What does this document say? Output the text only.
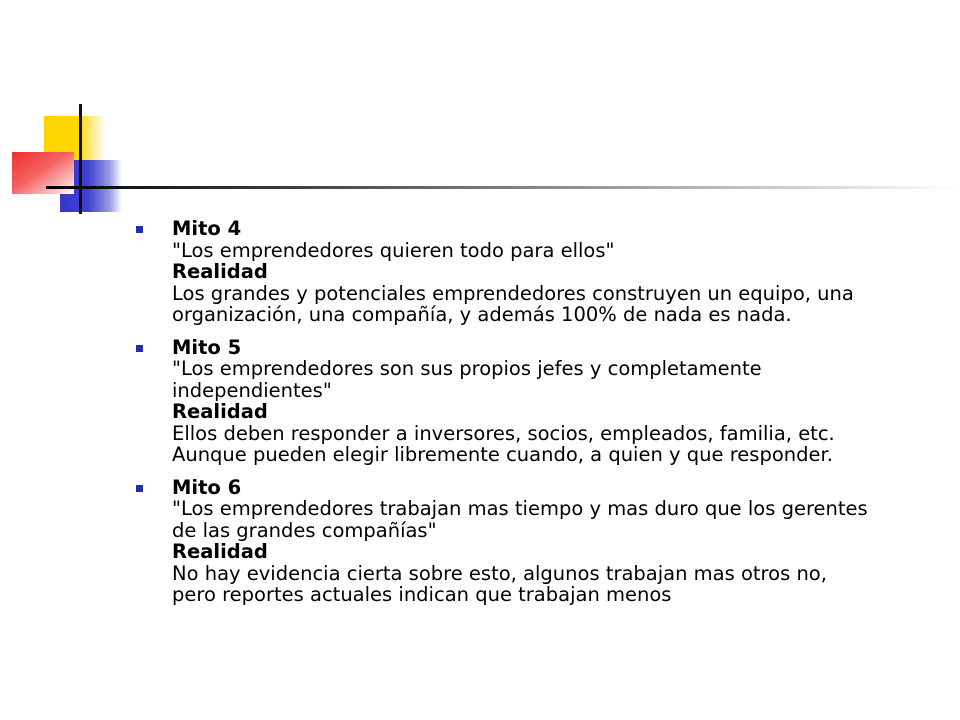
Mito 4
"Los emprendedores quieren todo para ellos"
Realidad
Los grandes y potenciales emprendedores construyen un equipo, una
organización, una compañía, y además 100% de nada es nada.
Mito 5
"Los emprendedores son sus propios jefes y completamente
independientes"
Realidad
Ellos deben responder a inversores, socios, empleados, familia, etc.
Aunque pueden elegir libremente cuando, a quien y que responder.
Mito 6
"Los emprendedores trabajan mas tiempo y mas duro que los gerentes
de las grandes compañías"
Realidad
No hay evidencia cierta sobre esto, algunos trabajan mas otros no,
pero reportes actuales indican que trabajan menos
